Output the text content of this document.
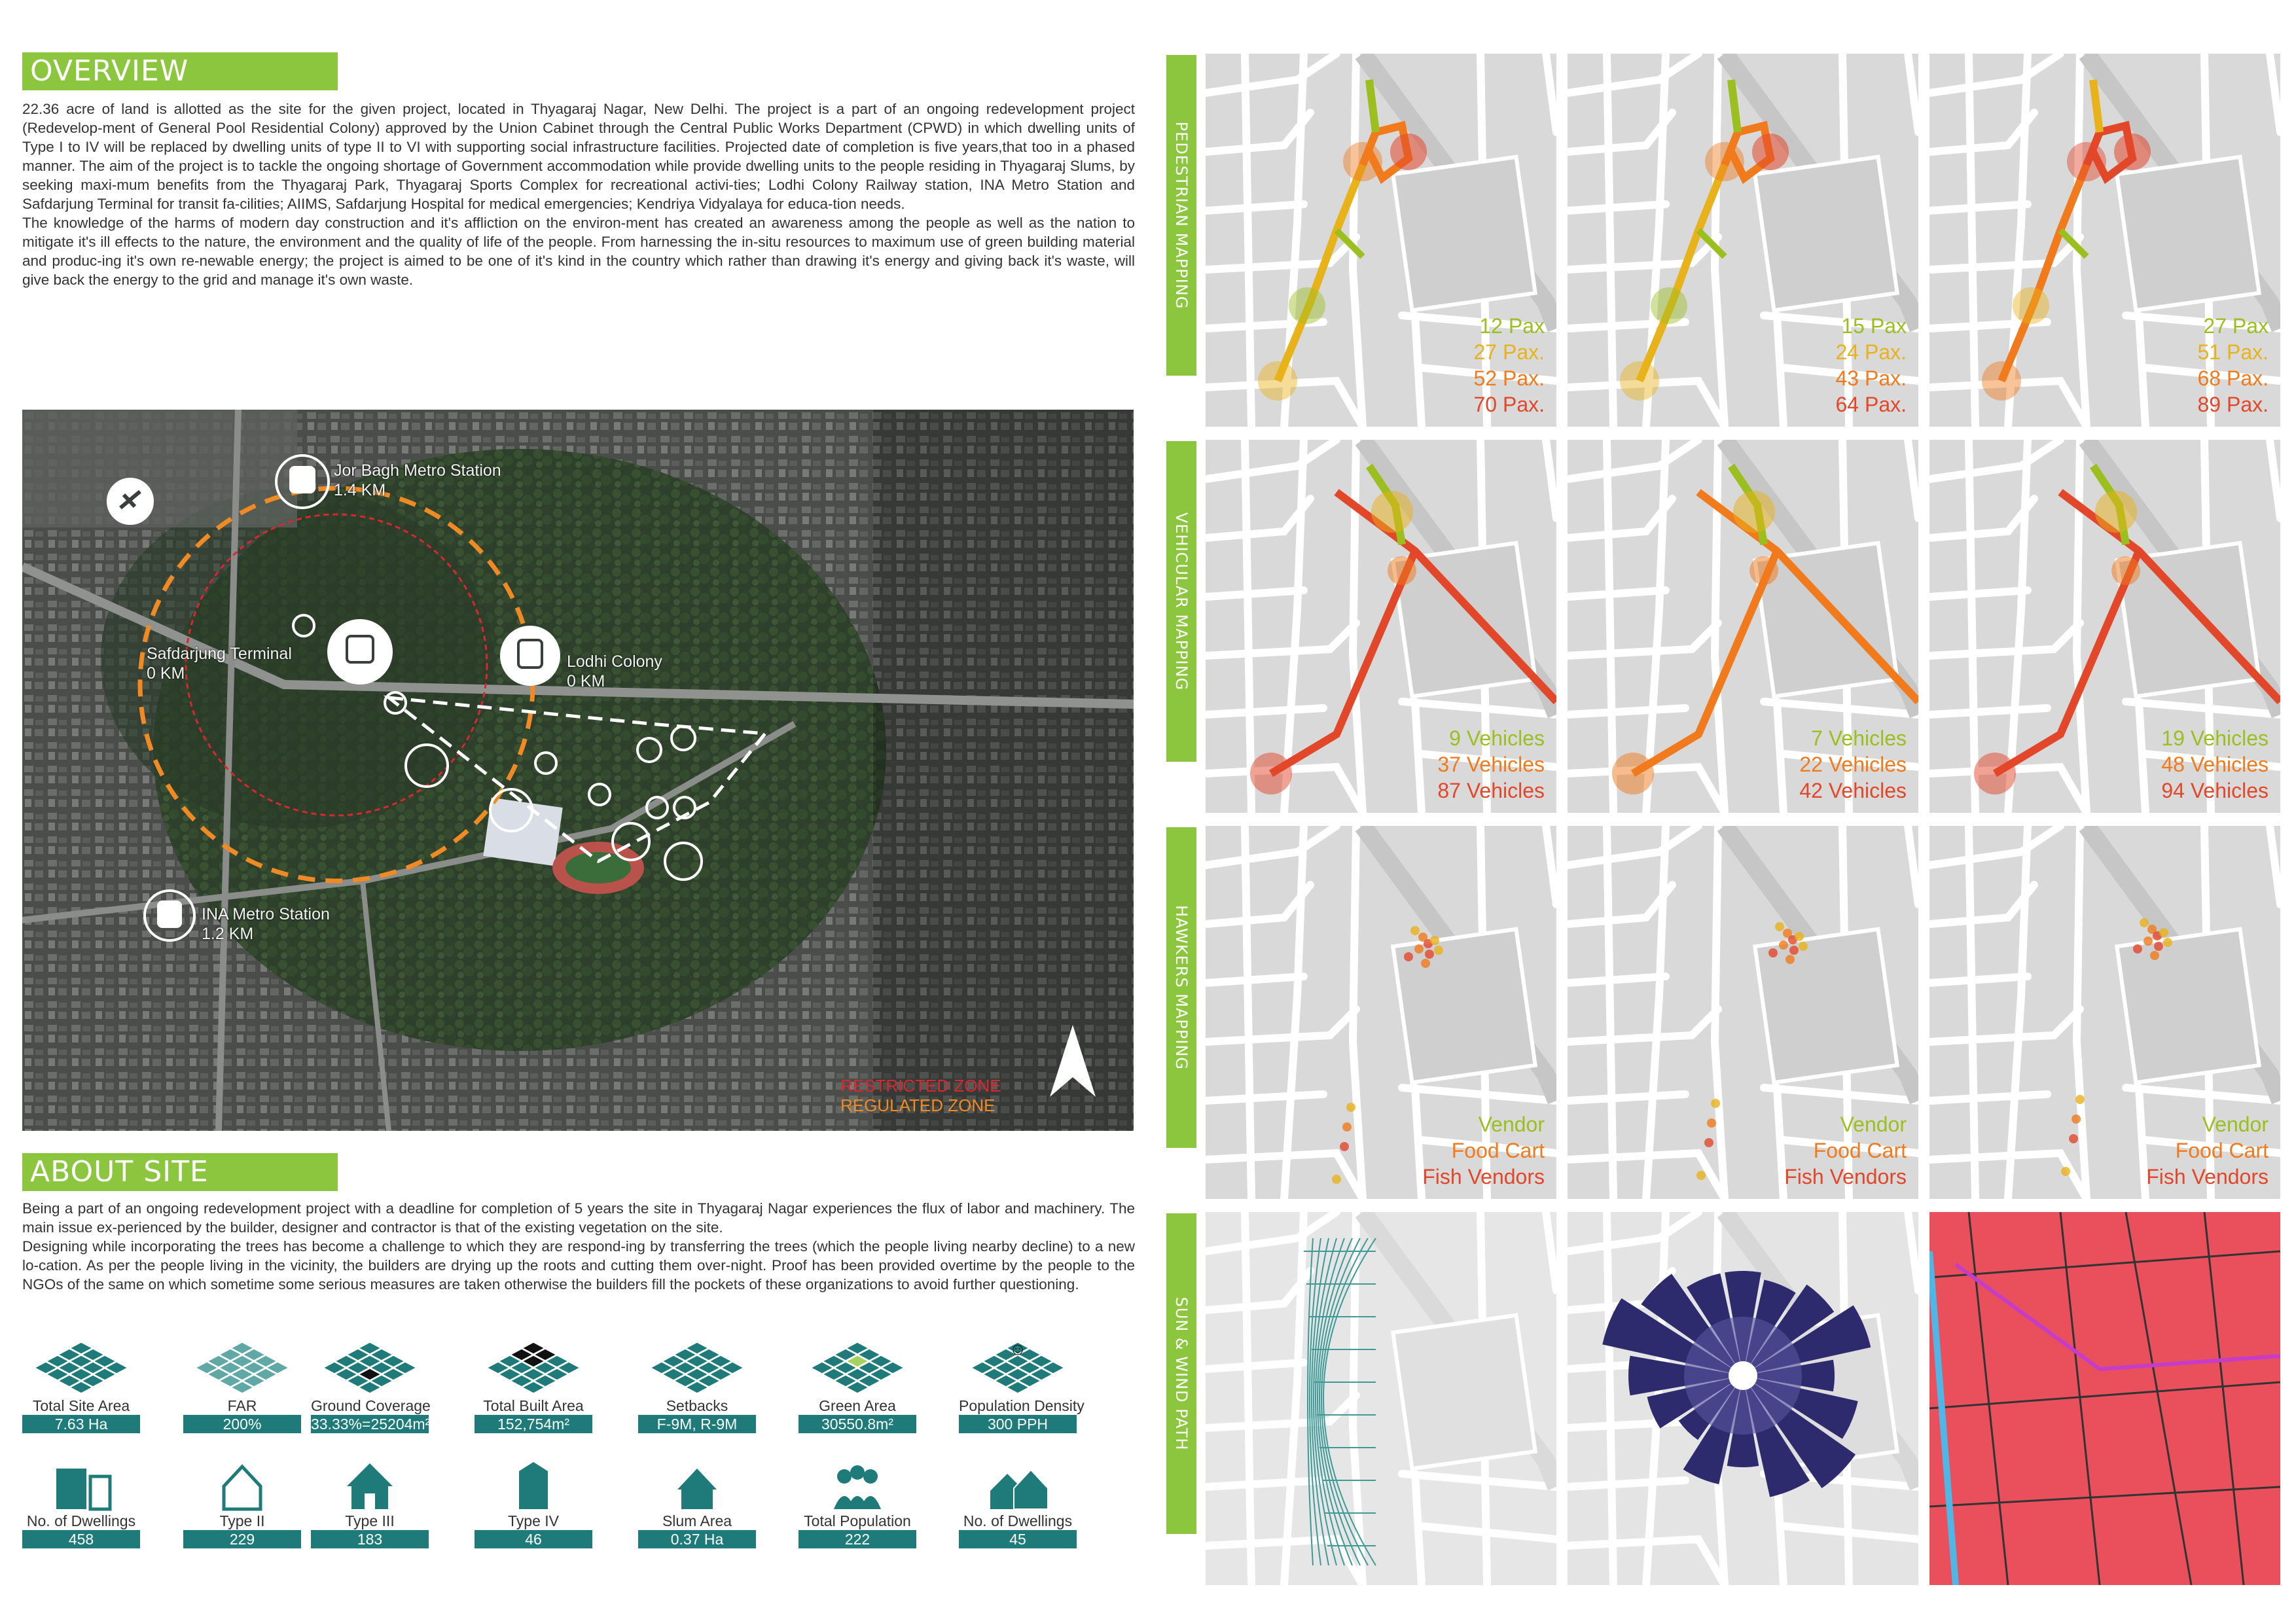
OVERVIEW

22.36 acre of land is allotted as the site for the given project, located in Thyagaraj Nagar, New Delhi. The project is a part of an ongoing redevelopment project (Redevelop-ment of General Pool Residential Colony) approved by the Union Cabinet through the Central Public Works Department (CPWD) in which dwelling units of Type I to IV will be replaced by dwelling units of type II to VI with supporting social infrastructure facilities. Projected date of completion is five years,that too in a phased manner. The aim of the project is to tackle the ongoing shortage of Government accommodation while provide dwelling units to the people residing in Thyagaraj Slums, by seeking maxi-mum benefits from the Thyagaraj Park, Thyagaraj Sports Complex for recreational activi-ties; Lodhi Colony Railway station, INA Metro Station and Safdarjung Terminal for transit fa-cilities; AIIMS, Safdarjung Hospital for medical emergencies; Kendriya Vidyalaya for educa-tion needs.

The knowledge of the harms of modern day construction and it's affliction on the environ-ment has created an awareness among the people as well as the nation to mitigate it's ill effects to the nature, the environment and the quality of life of the people. From harnessing the in-situ resources to maximum use of green building material and produc-ing it's own re-newable energy; the project is aimed to be one of it's kind in the country which rather than drawing it's energy and giving back it's waste, will give back the energy to the grid and manage it's own waste.

Jor Bagh Metro Station
1.4 KM
Safdarjung Terminal
0 KM
Lodhi Colony
0 KM
INA Metro Station
1.2 KM
RESTRICTED ZONE
REGULATED ZONE
ABOUT SITE

Being a part of an ongoing redevelopment project with a deadline for completion of 5 years the site in Thyagaraj Nagar experiences the flux of labor and machinery. The main issue ex-perienced by the builder, designer and contractor is that of the existing vegetation on the site.

Designing while incorporating the trees has become a challenge to which they are respond-ing by transferring the trees (which the people living nearby decline) to a new lo-cation. As per the people living in the vicinity, the builders are drying up the roots and cutting them over-night. Proof has been provided overtime by the people to the NGOs of the same on which sometime some serious measures are taken otherwise the builders fill the pockets of these organizations to avoid further questioning.

Total Site Area
7.63 Ha
FAR
200%
Ground Coverage
33.33%=25204m²
Total Built Area
152,754m²
Setbacks
F-9M, R-9M
Green Area
30550.8m²
☺
Population Density
300 PPH
No. of Dwellings
458
Type II
229
Type III
183
Type IV
46
Slum Area
0.37 Ha
Total Population
222
No. of Dwellings
45
PEDESTRIAN MAPPING
VEHICULAR MAPPING
HAWKERS MAPPING
SUN & WIND PATH
12 Pax
27 Pax.
52 Pax.
70 Pax.
15 Pax
24 Pax.
43 Pax.
64 Pax.
27 Pax
51 Pax.
68 Pax.
89 Pax.
9 Vehicles
37 Vehicles
87 Vehicles
7 Vehicles
22 Vehicles
42 Vehicles
19 Vehicles
48 Vehicles
94 Vehicles
Vendor
Food Cart
Fish Vendors
Vendor
Food Cart
Fish Vendors
Vendor
Food Cart
Fish Vendors
